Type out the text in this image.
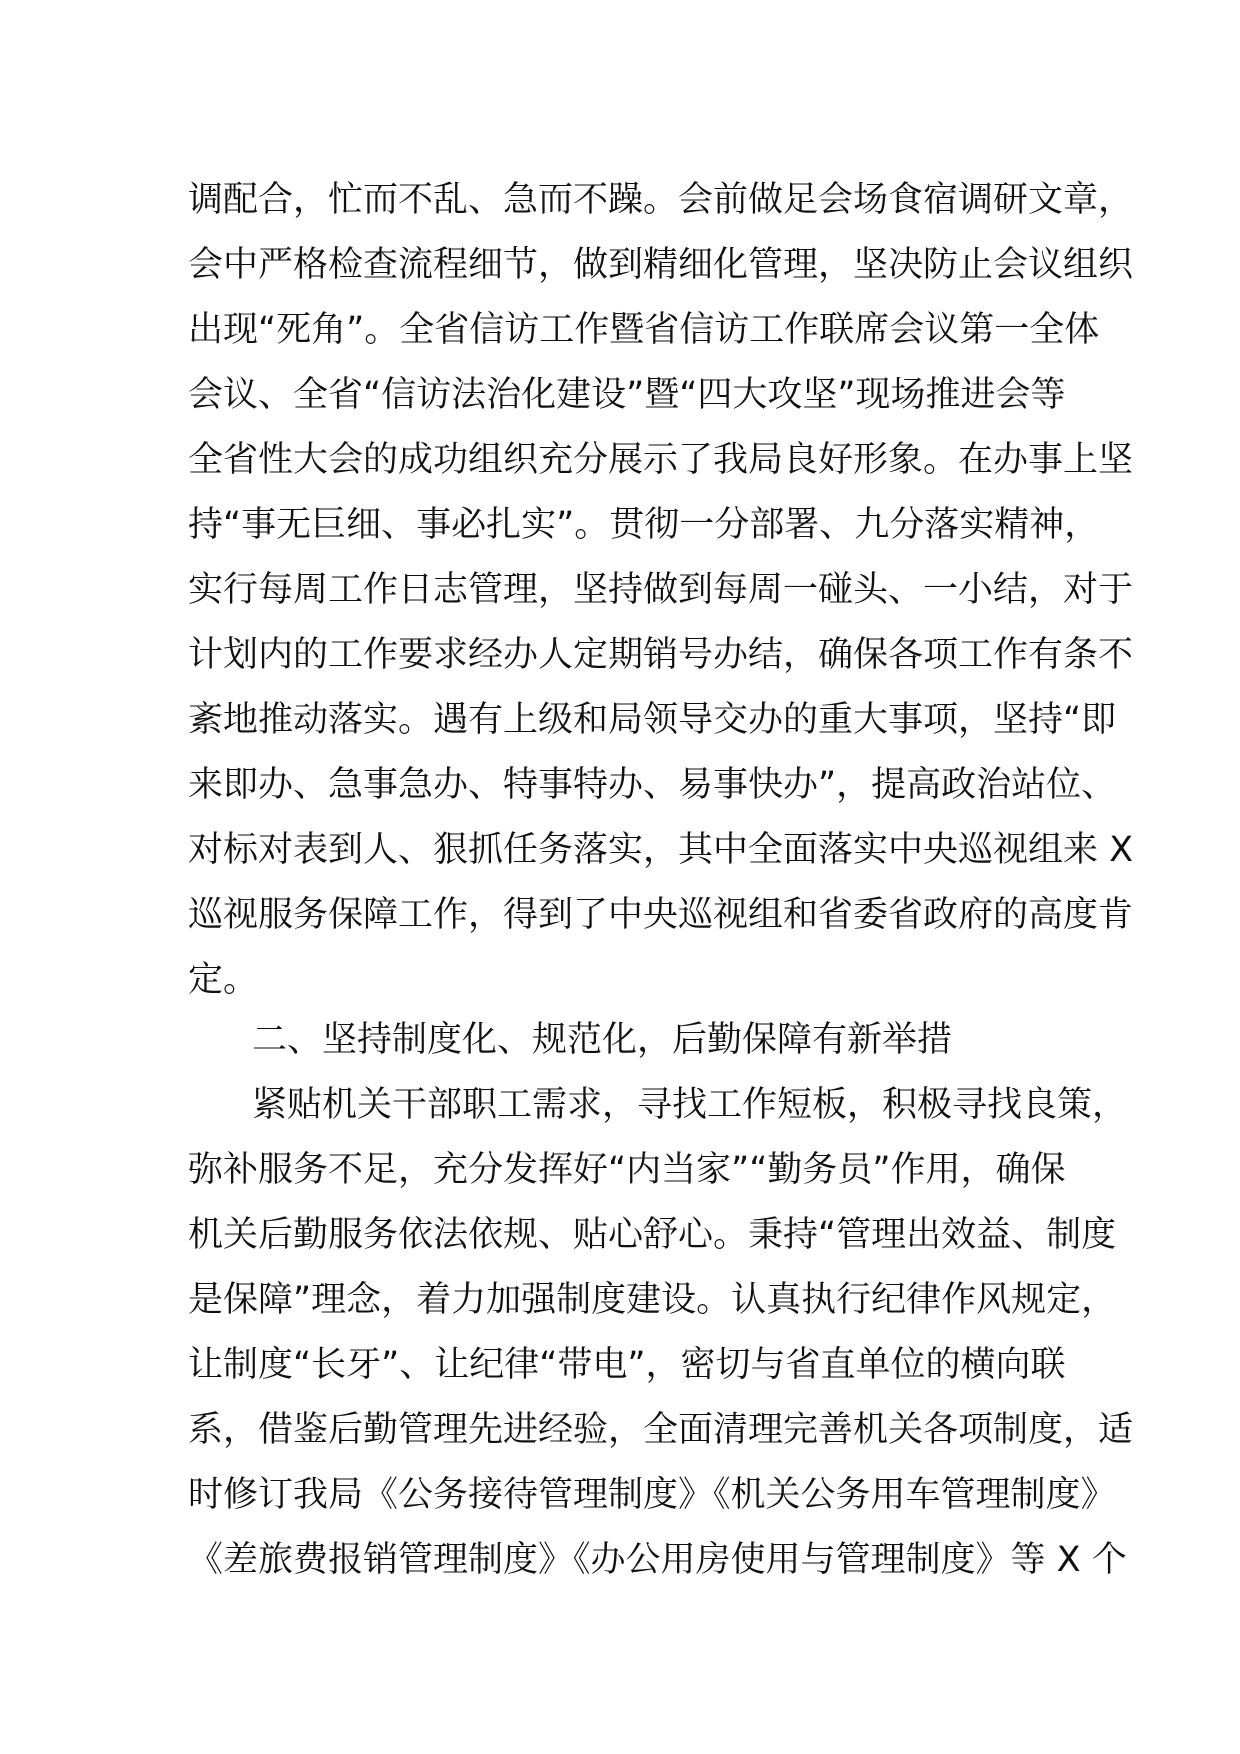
调配合，忙而不乱、急而不躁。会前做足会场食宿调研文章，
会中严格检查流程细节，做到精细化管理，坚决防止会议组织
出现“死角”。全省信访工作暨省信访工作联席会议第一全体
会议、全省“信访法治化建设”暨“四大攻坚”现场推进会等
全省性大会的成功组织充分展示了我局良好形象。在办事上坚
持“事无巨细、事必扎实”。贯彻一分部署、九分落实精神，
实行每周工作日志管理，坚持做到每周一碰头、一小结，对于
计划内的工作要求经办人定期销号办结，确保各项工作有条不
紊地推动落实。遇有上级和局领导交办的重大事项，坚持“即
来即办、急事急办、特事特办、易事快办”，提高政治站位、
对标对表到人、狠抓任务落实，其中全面落实中央巡视组来 X
巡视服务保障工作，得到了中央巡视组和省委省政府的高度肯
定。
二、坚持制度化、规范化，后勤保障有新举措
紧贴机关干部职工需求，寻找工作短板，积极寻找良策，
弥补服务不足，充分发挥好“内当家”“勤务员”作用，确保
机关后勤服务依法依规、贴心舒心。秉持“管理出效益、制度
是保障”理念，着力加强制度建设。认真执行纪律作风规定，
让制度“长牙”、让纪律“带电”，密切与省直单位的横向联
系，借鉴后勤管理先进经验，全面清理完善机关各项制度，适
时修订我局《公务接待管理制度》《机关公务用车管理制度》
《差旅费报销管理制度》《办公用房使用与管理制度》等 X 个
